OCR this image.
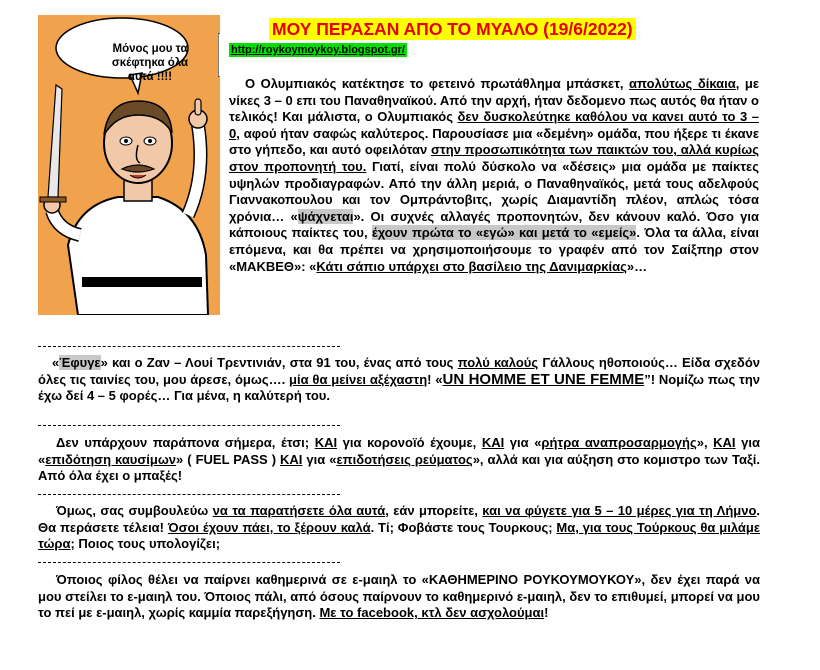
Μόνος μου τα σκέφτηκα όλα αυτά !!!!
ΜΟΥ ΠΕΡΑΣΑΝ ΑΠΟ ΤΟ ΜΥΑΛΟ (19/6/2022)
http://roykoymoykoy.blogspot.gr/

Ο Ολυμπιακός κατέκτησε το φετεινό πρωτάθλημα μπάσκετ, απολύτως δίκαια, με νίκες 3 – 0 επι του Παναθηναϊκού. Από την αρχή, ήταν δεδομενο πως αυτός θα ήταν ο τελικός! Και μάλιστα, ο Ολυμπιακός δεν δυσκολεύτηκε καθόλου να κανει αυτό το 3 – 0, αφού ήταν σαφώς καλύτερος. Παρουσίασε μια «δεμένη» ομάδα, που ήξερε τι έκανε στο γήπεδο, και αυτό οφειλόταν στην προσωπικότητα των παικτών του, αλλά κυρίως στον προπονητή του. Γιατί, είναι πολύ δύσκολο να «δέσεις» μια ομάδα με παίκτες υψηλών προδιαγραφών. Από την άλλη μεριά, ο Παναθηναϊκός, μετά τους αδελφούς Γιαννακοπουλου και τον Ομπράντοβιτς, χωρίς Διαμαντίδη πλέον, απλώς τόσα χρόνια… «ψάχνεται». Οι συχνές αλλαγές προπονητών, δεν κάνουν καλό. Όσο για κάποιους παίκτες του, έχουν πρώτα το «εγώ» και μετά το «εμείς». Όλα τα άλλα, είναι επόμενα, και θα πρέπει να χρησιμοποιήσουμε το γραφέν από τον Σαίξπηρ στον «ΜΑΚΒΕΘ»: «Κάτι σάπιο υπάρχει στο βασίλειο της Δανιμαρκίας»…

«Έφυγε» και ο Ζαν – Λουί Τρεντινιάν, στα 91 του, ένας από τους πολύ καλούς Γάλλους ηθοποιούς… Είδα σχεδόν όλες τις ταινίες του, μου άρεσε, όμως…. μία θα μείνει αξέχαστη! «UN HOMME ET UNE FEMME”! Νομίζω πως την έχω δεί 4 – 5 φορές… Για μένα, η καλύτερή του.

Δεν υπάρχουν παράπονα σήμερα, έτσι; ΚΑΙ για κορονοϊό έχουμε, ΚΑΙ για «ρήτρα αναπροσαρμογής», ΚΑΙ για «επιδότηση καυσίμων» ( FUEL PASS ) ΚΑΙ για «επιδοτήσεις ρεύματος», αλλά και για αύξηση στο κομιστρο των Ταξί. Από όλα έχει ο μπαξές!

Όμως, σας συμβουλεύω να τα παρατήσετε όλα αυτά, εάν μπορείτε, και να φύγετε για 5 – 10 μέρες για τη Λήμνο. Θα περάσετε τέλεια! Όσοι έχουν πάει, το ξέρουν καλά. Τί; Φοβάστε τους Τουρκους; Μα, για τους Τούρκους θα μιλάμε τώρα; Ποιος τους υπολογίζει;

Όποιος φίλος θέλει να παίρνει καθημερινά σε ε-μαιηλ το «ΚΑΘΗΜΕΡΙΝΟ ΡΟΥΚΟΥΜΟΥΚΟΥ», δεν έχει παρά να μου στείλει το ε-μαιηλ του. Όποιος πάλι, από όσους παίρνουν το καθημερινό ε-μαιηλ, δεν το επιθυμεί, μπορεί να μου το πεί με ε-μαιηλ, χωρίς καμμία παρεξήγηση. Με το facebook, κτλ δεν ασχολούμαι!
